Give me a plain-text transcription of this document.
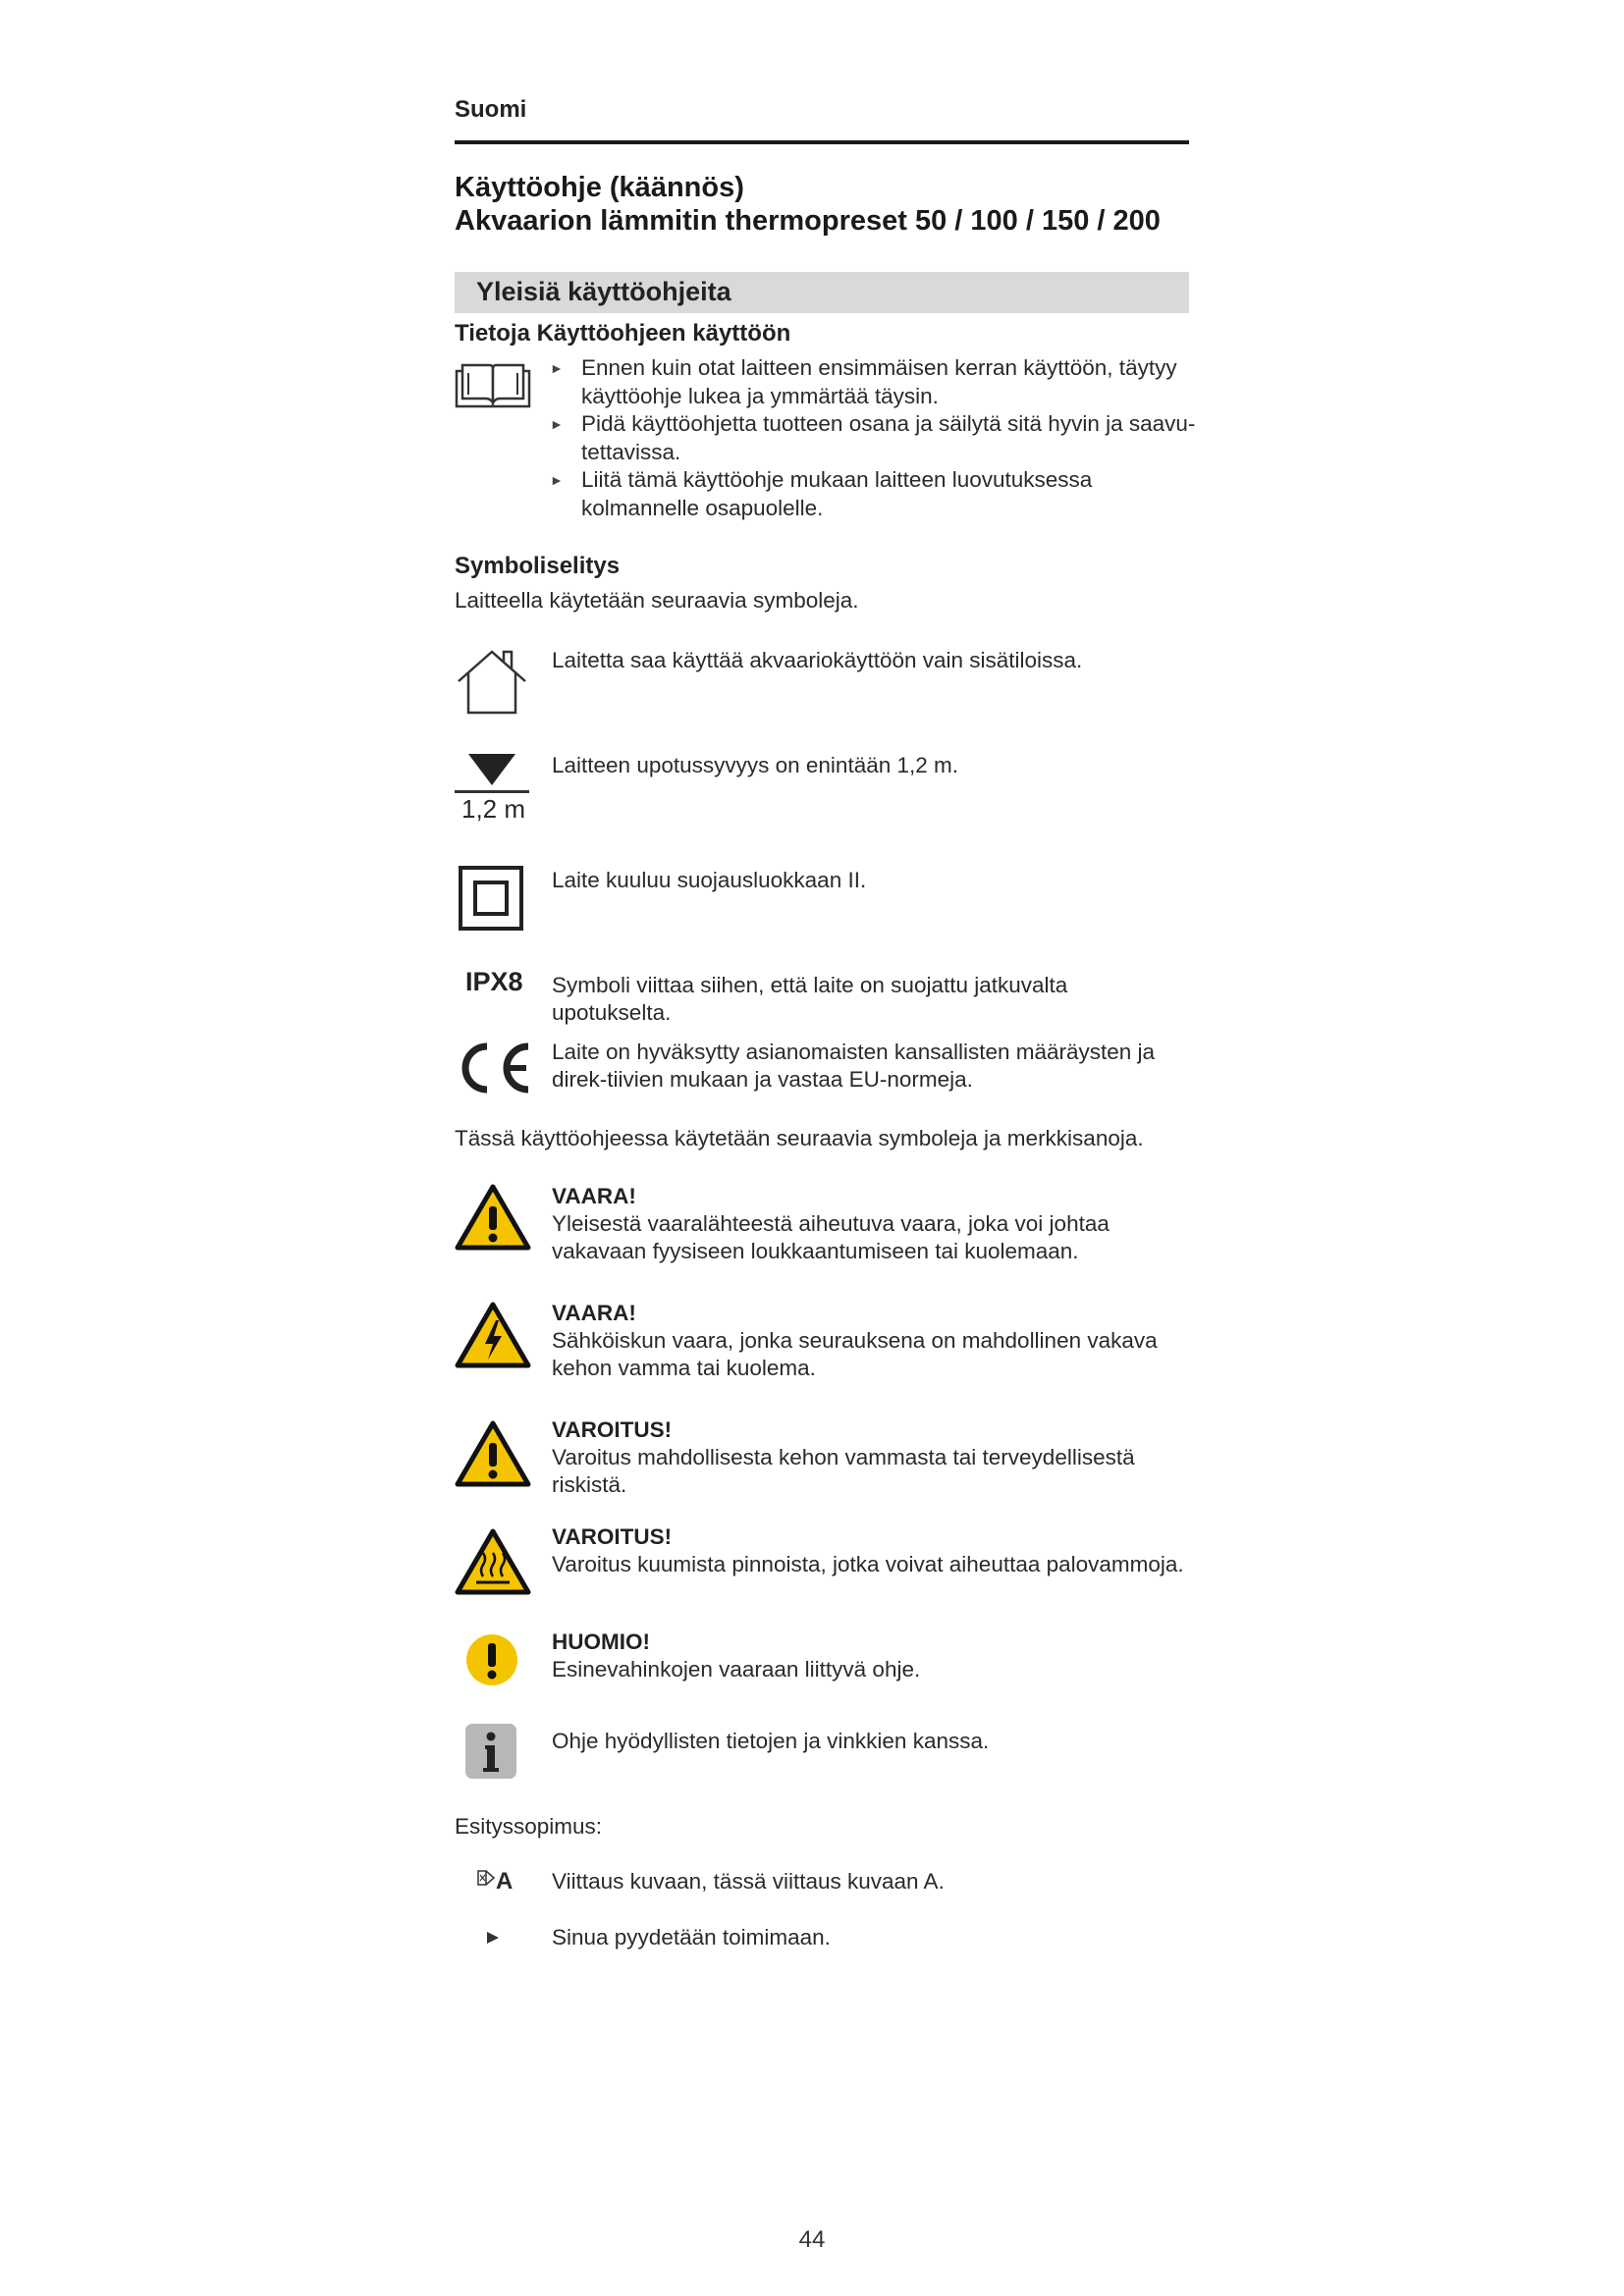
Suomi
Käyttöohje (käännös)
Akvaarion lämmitin thermopreset 50 / 100 / 150 / 200
Yleisiä käyttöohjeita
Tietoja Käyttöohjeen käyttöön
► Ennen kuin otat laitteen ensimmäisen kerran käyttöön, täytyy käyttöohje lukea ja ymmärtää täysin.
► Pidä käyttöohjetta tuotteen osana ja säilytä sitä hyvin ja saavu-tettavissa.
► Liitä tämä käyttöohje mukaan laitteen luovutuksessa kolmannelle osapuolelle.
Symboliselitys
Laitteella käytetään seuraavia symboleja.
Laitetta saa käyttää akvaariokäyttöön vain sisätiloissa.
1,2 m
Laitteen upotussyvyys on enintään 1,2 m.
Laite kuuluu suojausluokkaan II.
IPX8 Symboli viittaa siihen, että laite on suojattu jatkuvalta upotukselta.
Laite on hyväksytty asianomaisten kansallisten määräysten ja direk-tiivien mukaan ja vastaa EU-normeja.
Tässä käyttöohjeessa käytetään seuraavia symboleja ja merkkisanoja.
VAARA!
Yleisestä vaaralähteestä aiheutuva vaara, joka voi johtaa vakavaan fyysiseen loukkaantumiseen tai kuolemaan.
VAARA!
Sähköiskun vaara, jonka seurauksena on mahdollinen vakava kehon vamma tai kuolema.
VAROITUS!
Varoitus mahdollisesta kehon vammasta tai terveydellisestä riskistä.
VAROITUS!
Varoitus kuumista pinnoista, jotka voivat aiheuttaa palovammoja.
HUOMIO!
Esinevahinkojen vaaraan liittyvä ohje.
Ohje hyödyllisten tietojen ja vinkkien kanssa.
Esityssopimus:
A Viittaus kuvaan, tässä viittaus kuvaan A.
Sinua pyydetään toimimaan.
44
